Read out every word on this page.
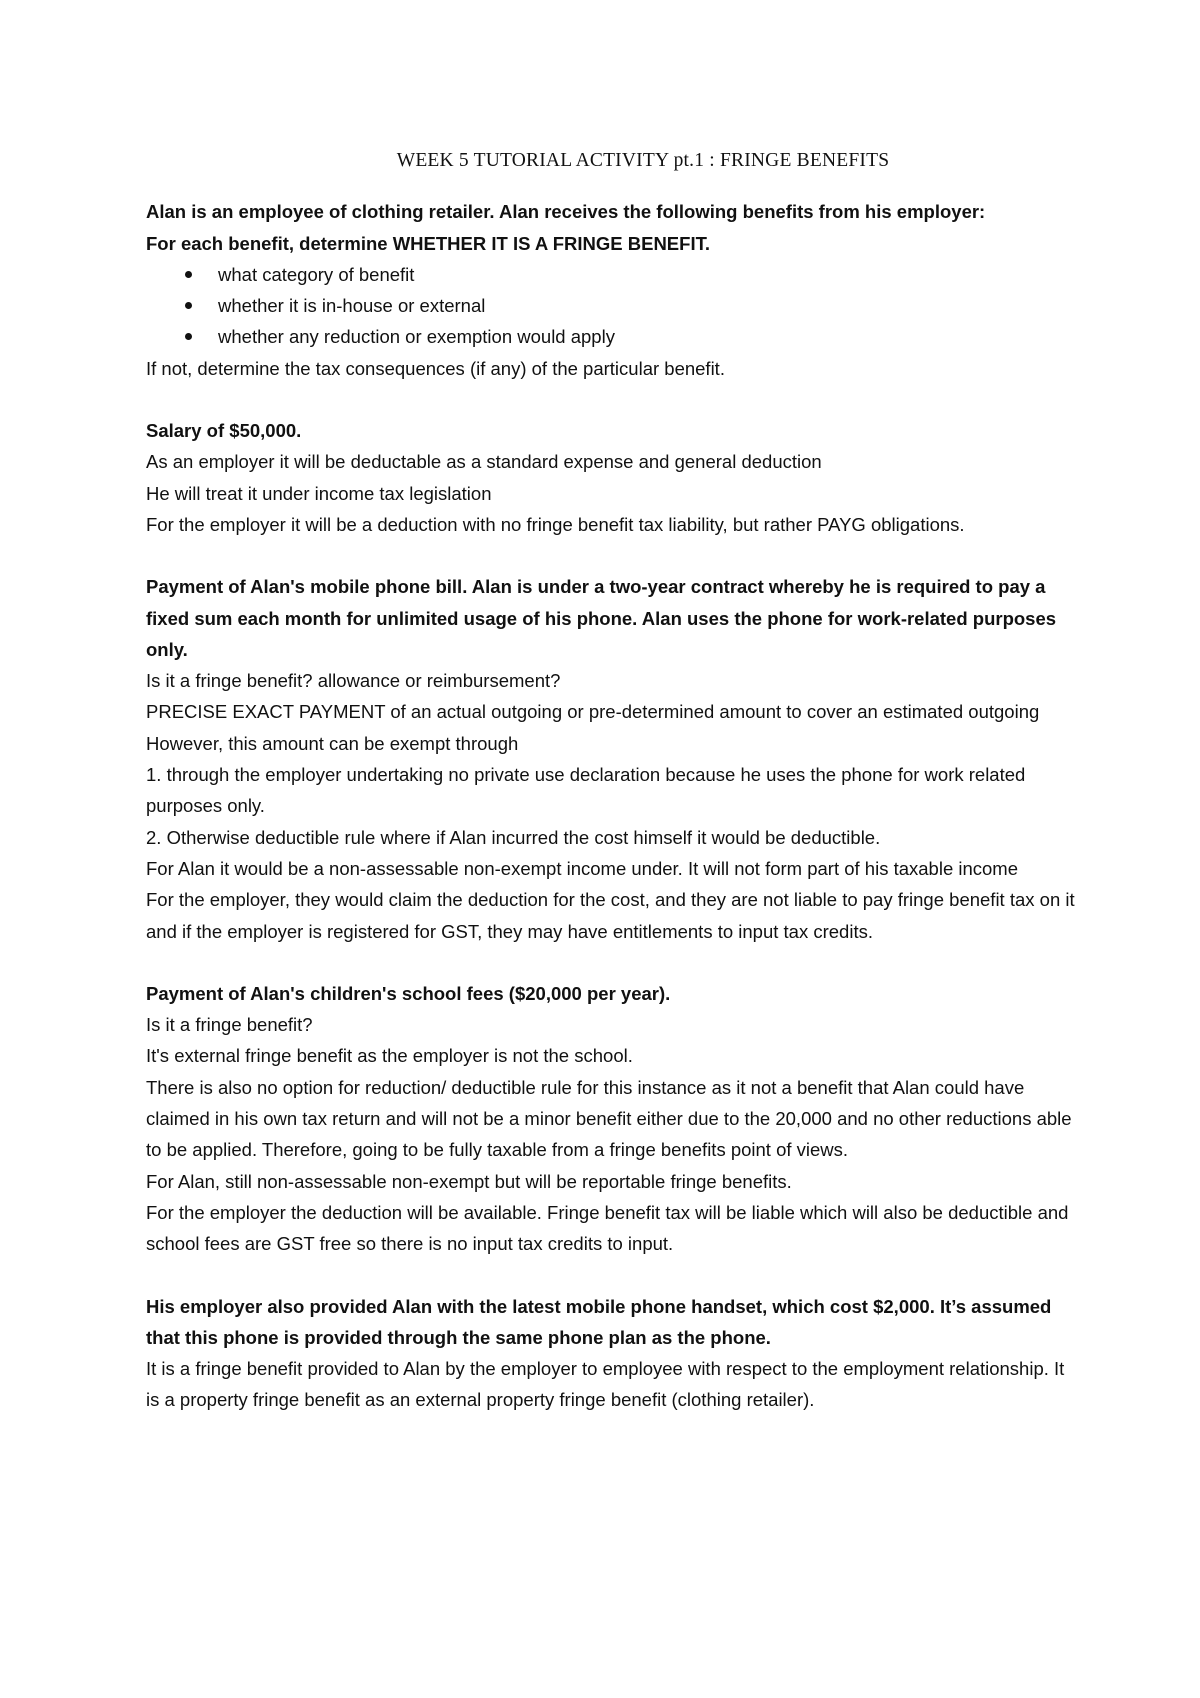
WEEK 5 TUTORIAL ACTIVITY pt.1 : FRINGE BENEFITS

Alan is an employee of clothing retailer. Alan receives the following benefits from his employer:

For each benefit, determine WHETHER IT IS A FRINGE BENEFIT.

what category of benefit
whether it is in-house or external
whether any reduction or exemption would apply

If not, determine the tax consequences (if any) of the particular benefit.

Salary of $50,000.

As an employer it will be deductable as a standard expense and general deduction

He will treat it under income tax legislation

For the employer it will be a deduction with no fringe benefit tax liability, but rather PAYG obligations.

Payment of Alan's mobile phone bill. Alan is under a two-year contract whereby he is required to pay a fixed sum each month for unlimited usage of his phone. Alan uses the phone for work-related purposes only.

Is it a fringe benefit? allowance or reimbursement?

PRECISE EXACT PAYMENT of an actual outgoing or pre-determined amount to cover an estimated outgoing

However, this amount can be exempt through

1. through the employer undertaking no private use declaration because he uses the phone for work related purposes only.

2. Otherwise deductible rule where if Alan incurred the cost himself it would be deductible.

For Alan it would be a non-assessable non-exempt income under. It will not form part of his taxable income

For the employer, they would claim the deduction for the cost, and they are not liable to pay fringe benefit tax on it and if the employer is registered for GST, they may have entitlements to input tax credits.

Payment of Alan's children's school fees ($20,000 per year).

Is it a fringe benefit?

It's external fringe benefit as the employer is not the school.

There is also no option for reduction/ deductible rule for this instance as it not a benefit that Alan could have claimed in his own tax return and will not be a minor benefit either due to the 20,000 and no other reductions able to be applied. Therefore, going to be fully taxable from a fringe benefits point of views.

For Alan, still non-assessable non-exempt but will be reportable fringe benefits.

For the employer the deduction will be available. Fringe benefit tax will be liable which will also be deductible and school fees are GST free so there is no input tax credits to input.

His employer also provided Alan with the latest mobile phone handset, which cost $2,000. It’s assumed that this phone is provided through the same phone plan as the phone.

It is a fringe benefit provided to Alan by the employer to employee with respect to the employment relationship. It is a property fringe benefit as an external property fringe benefit (clothing retailer).
